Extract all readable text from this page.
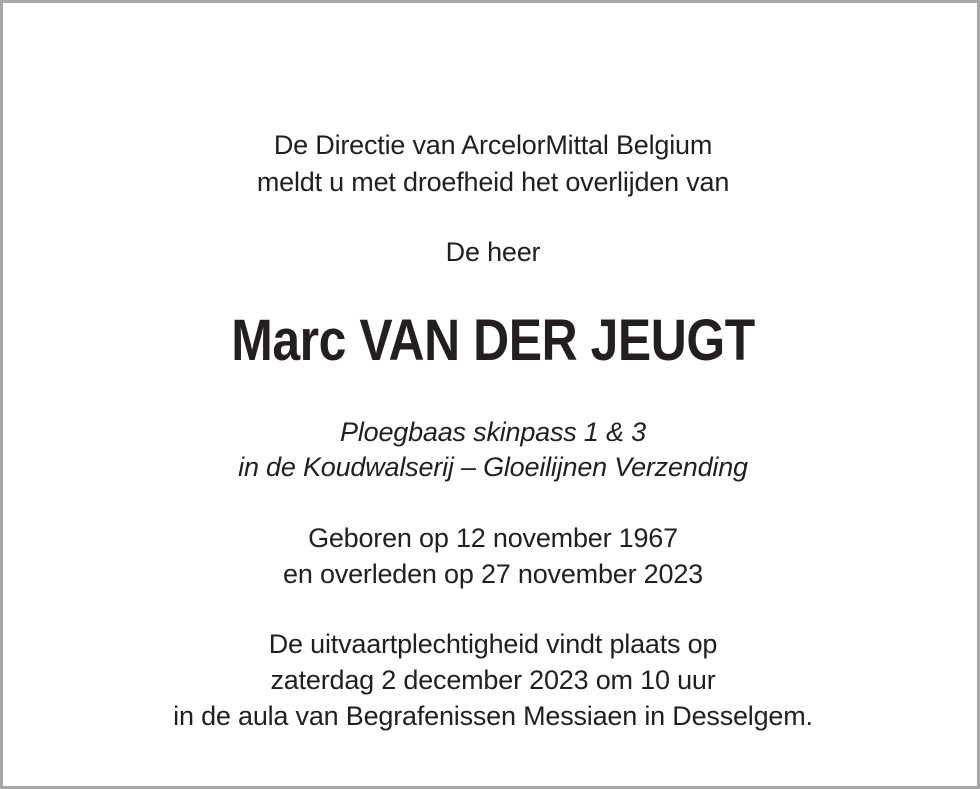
De Directie van ArcelorMittal Belgium
meldt u met droefheid het overlijden van
De heer
Marc VAN DER JEUGT
Ploegbaas skinpass 1 & 3
in de Koudwalserij – Gloeilijnen Verzending
Geboren op 12 november 1967
en overleden op 27 november 2023
De uitvaartplechtigheid vindt plaats op
zaterdag 2 december 2023 om 10 uur
in de aula van Begrafenissen Messiaen in Desselgem.
